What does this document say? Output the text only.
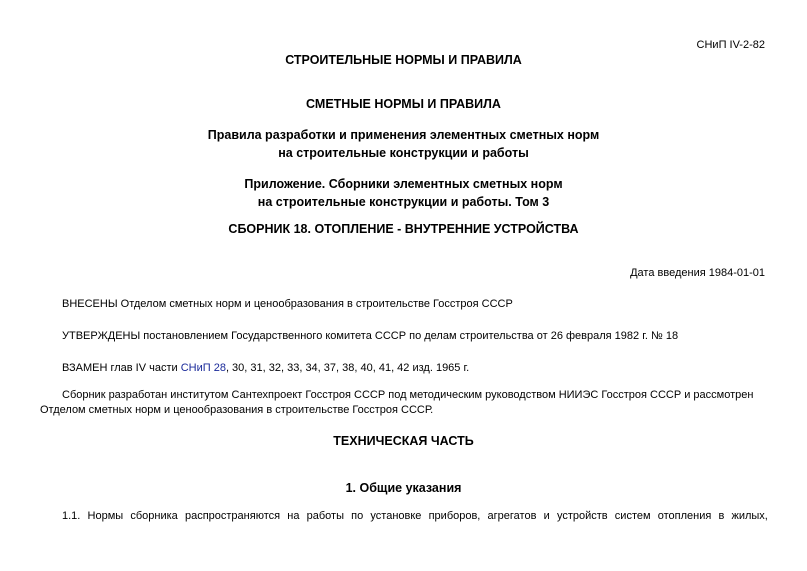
СНиП IV-2-82
СТРОИТЕЛЬНЫЕ НОРМЫ И ПРАВИЛА
СМЕТНЫЕ НОРМЫ И ПРАВИЛА
Правила разработки и применения элементных сметных норм
на строительные конструкции и работы
Приложение. Сборники элементных сметных норм
на строительные конструкции и работы. Том 3
СБОРНИК 18. ОТОПЛЕНИЕ - ВНУТРЕННИЕ УСТРОЙСТВА
Дата введения 1984-01-01
ВНЕСЕНЫ Отделом сметных норм и ценообразования в строительстве Госстроя СССР
УТВЕРЖДЕНЫ постановлением Государственного комитета СССР по делам строительства от 26 февраля 1982 г. № 18
ВЗАМЕН глав IV части СНиП 28, 30, 31, 32, 33, 34, 37, 38, 40, 41, 42 изд. 1965 г.
Сборник разработан институтом Сантехпроект Госстроя СССР под методическим руководством НИИЭС Госстроя СССР и рассмотрен
Отделом сметных норм и ценообразования в строительстве Госстроя СССР.
ТЕХНИЧЕСКАЯ ЧАСТЬ
1. Общие указания
1.1. Нормы сборника распространяются на работы по установке приборов, агрегатов и устройств систем отопления в жилых,
